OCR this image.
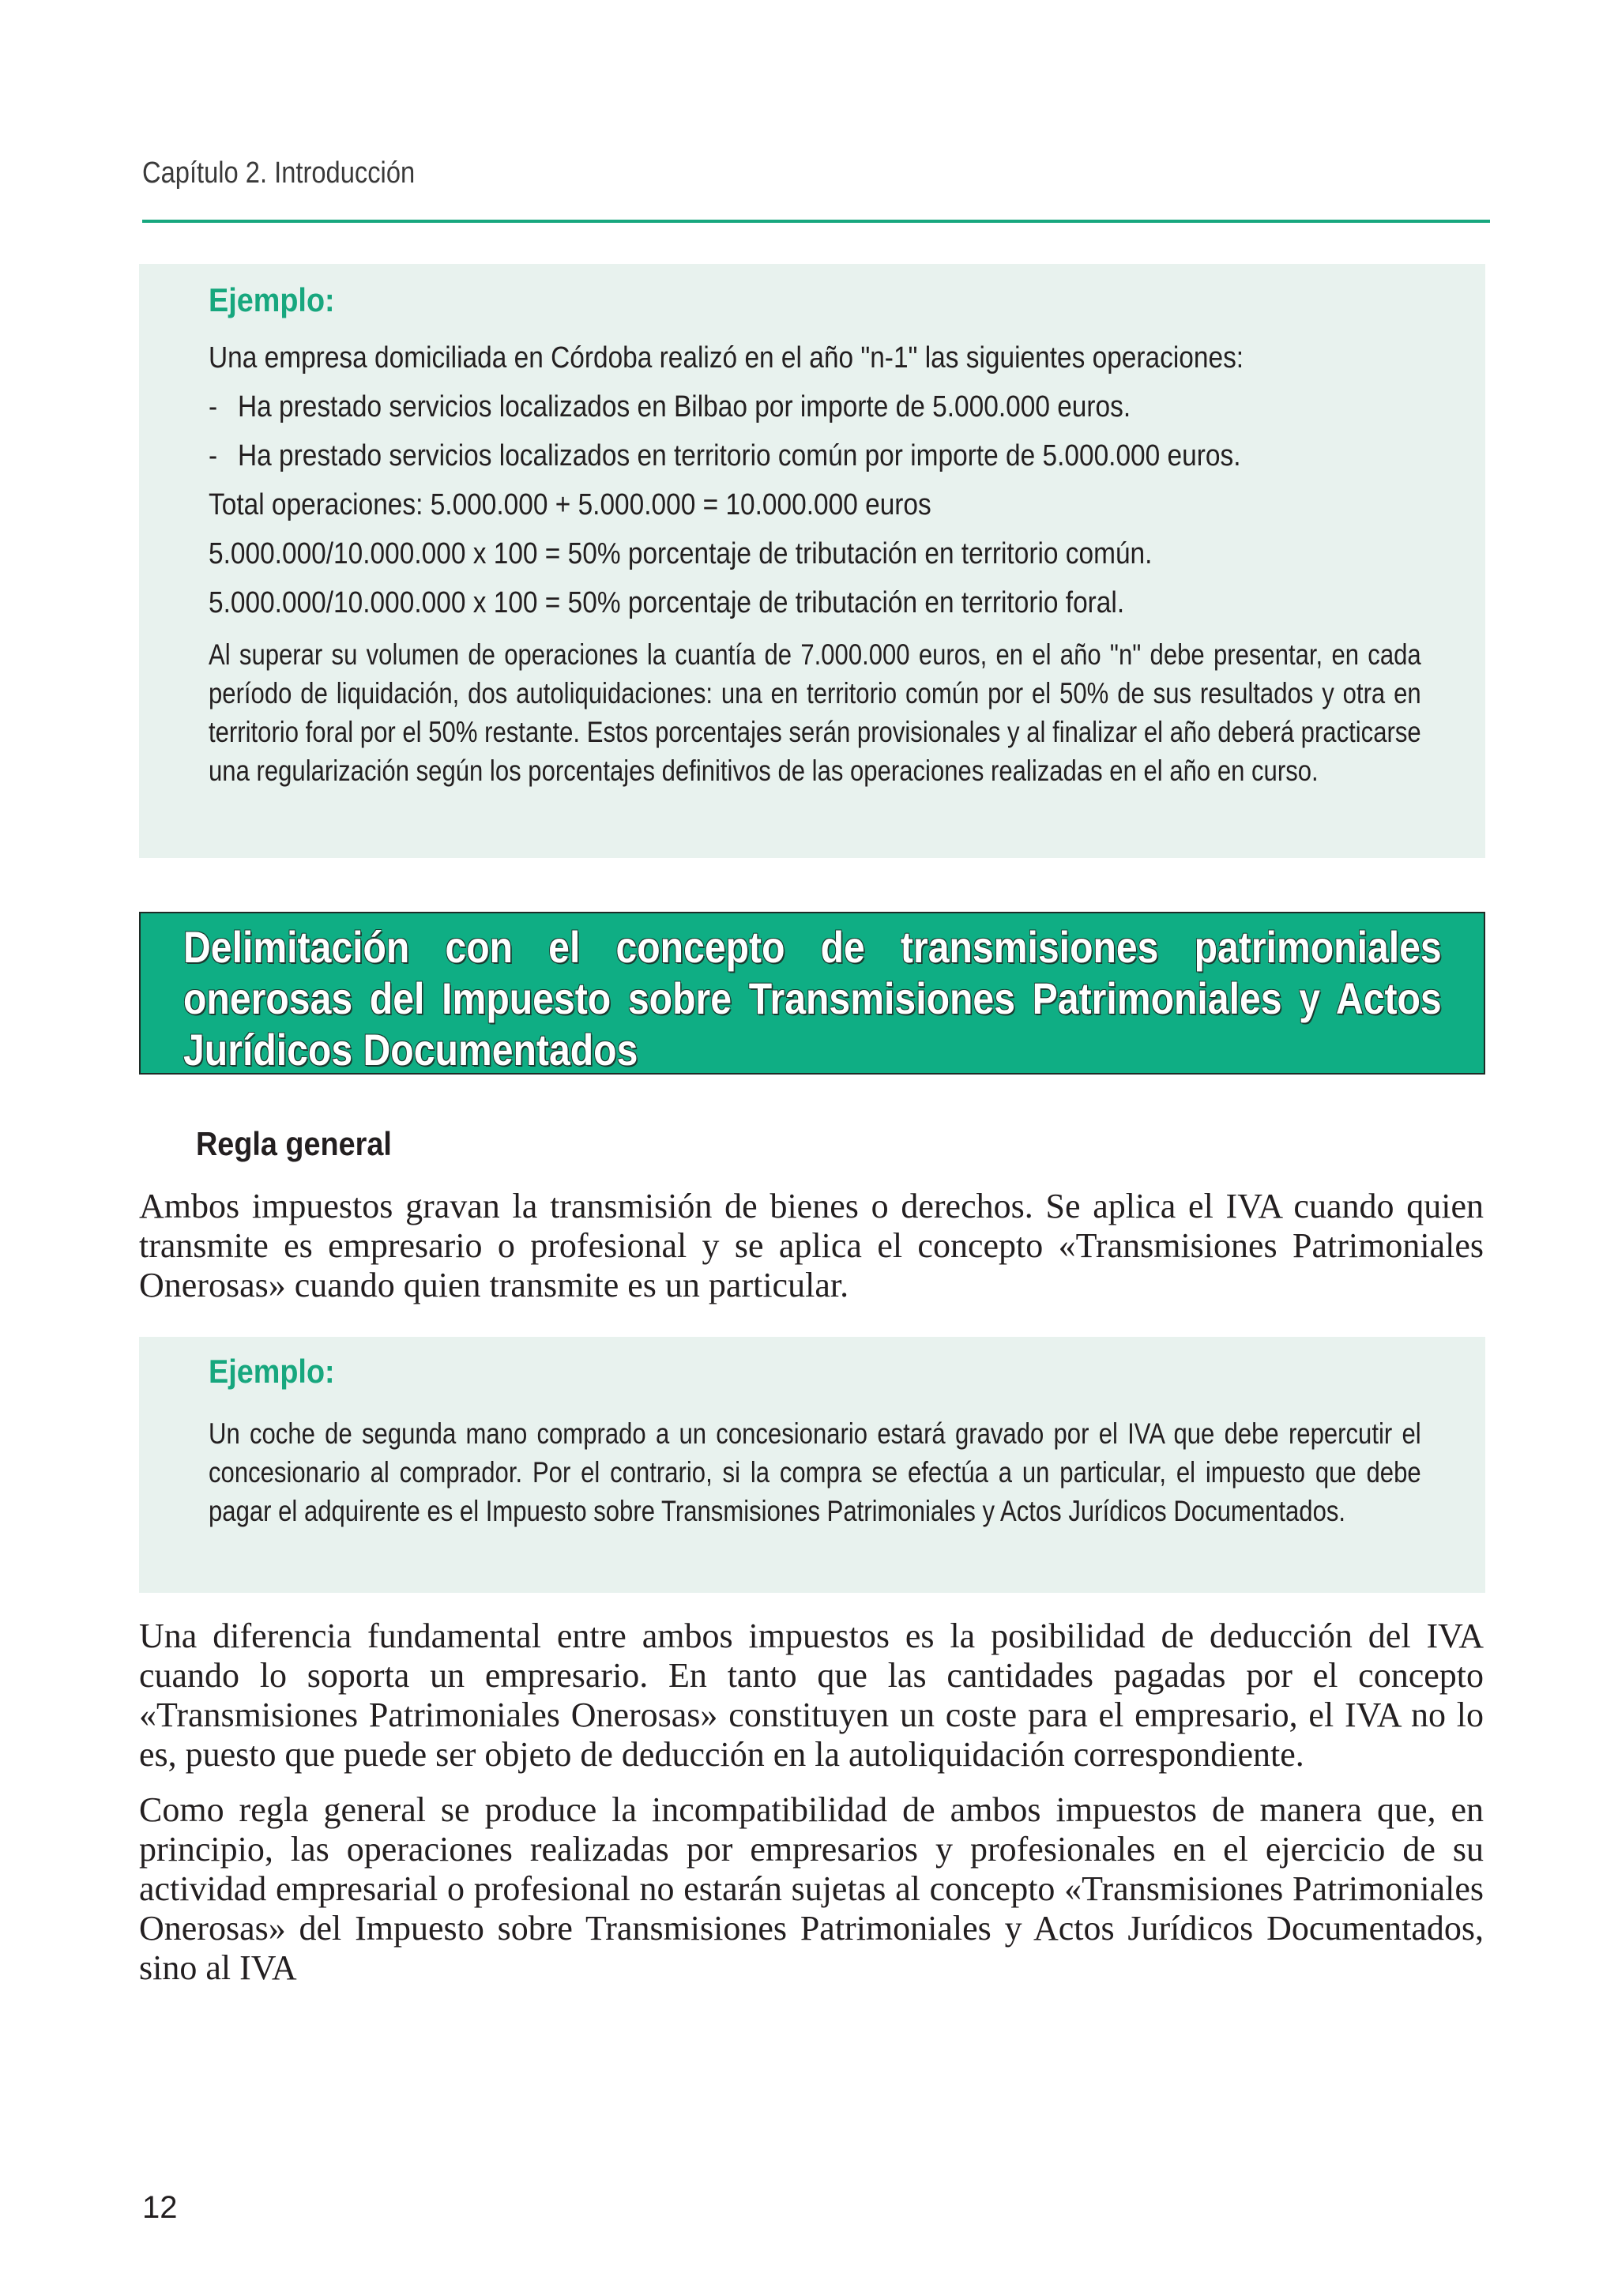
Capítulo 2. Introducción
Ejemplo:
Una empresa domiciliada en Córdoba realizó en el año "n-1" las siguientes operaciones:
- Ha prestado servicios localizados en Bilbao por importe de 5.000.000 euros.
- Ha prestado servicios localizados en territorio común por importe de 5.000.000 euros.
Total operaciones: 5.000.000 + 5.000.000 = 10.000.000 euros
5.000.000/10.000.000 x 100 = 50% porcentaje de tributación en territorio común.
5.000.000/10.000.000 x 100 = 50% porcentaje de tributación en territorio foral.

Al superar su volumen de operaciones la cuantía de 7.000.000 euros, en el año "n" debe presentar, en cada período de liquidación, dos autoliquidaciones: una en territorio común por el 50% de sus resultados y otra en territorio foral por el 50% restante. Estos porcentajes serán provisionales y al finalizar el año deberá practicarse una regularización según los porcentajes definitivos de las operaciones realizadas en el año en curso.

Delimitación con el concepto de transmisiones patrimoniales onerosas del Impuesto sobre Transmisiones Patrimoniales y Actos Jurídicos Documentados
Regla general

Ambos impuestos gravan la transmisión de bienes o derechos. Se aplica el IVA cuando quien transmite es empresario o profesional y se aplica el concepto «Transmisiones Patrimoniales Onerosas» cuando quien transmite es un particular.

Ejemplo:

Un coche de segunda mano comprado a un concesionario estará gravado por el IVA que debe repercutir el concesionario al comprador. Por el contrario, si la compra se efectúa a un particular, el impuesto que debe pagar el adquirente es el Impuesto sobre Transmisiones Patrimoniales y Actos Jurídicos Documentados.

Una diferencia fundamental entre ambos impuestos es la posibilidad de deducción del IVA cuando lo soporta un empresario. En tanto que las cantidades pagadas por el concepto «Transmisiones Patrimoniales Onerosas» constituyen un coste para el empresario, el IVA no lo es, puesto que puede ser objeto de deducción en la autoliquidación correspondiente.

Como regla general se produce la incompatibilidad de ambos impuestos de manera que, en principio, las operaciones realizadas por empresarios y profesionales en el ejercicio de su actividad empresarial o profesional no estarán sujetas al concepto «Transmisiones Patrimoniales Onerosas» del Impuesto sobre Transmisiones Patrimoniales y Actos Jurídicos Documentados, sino al IVA

12
